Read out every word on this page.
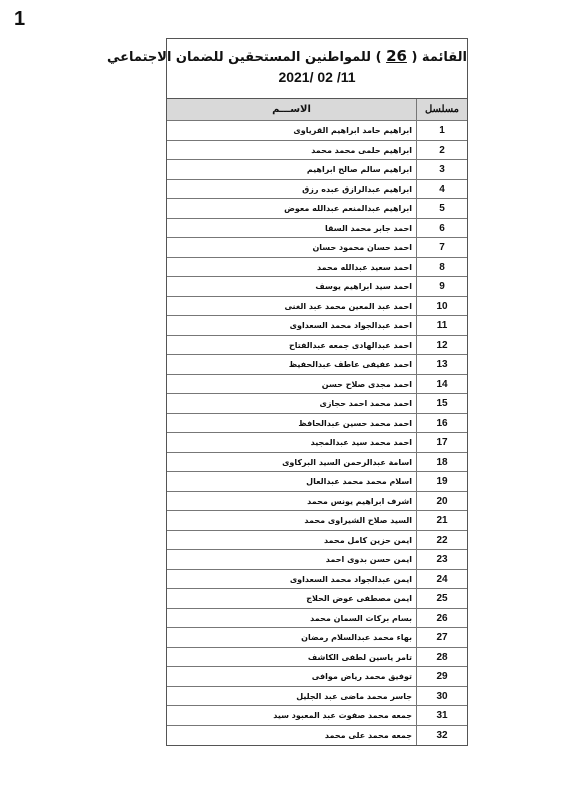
1
القائمة ( 26 ) للمواطنين المستحقين للضمان الاجتماعي
2021/ 02 /11
مسلسل
الاســـم
1
ابراهيم حامد ابراهيم القرياوى
2
ابراهيم حلمى محمد محمد
3
ابراهيم سالم صالح ابراهيم
4
ابراهيم عبدالرازق عبده رزق
5
ابراهيم عبدالمنعم عبدالله معوض
6
احمد جابر محمد السقا
7
احمد حسان محمود حسان
8
احمد سعيد عبدالله محمد
9
احمد سيد ابراهيم يوسف
10
احمد عبد المعين محمد عبد الغنى
11
احمد عبدالجواد محمد السعداوى
12
احمد عبدالهادى جمعه عبدالفتاح
13
احمد عفيفى عاطف عبدالحفيظ
14
احمد مجدى صلاح حسن
15
احمد محمد احمد حجازى
16
احمد محمد حسين عبدالحافظ
17
احمد محمد سيد عبدالمجيد
18
اسامة عبدالرحمن السيد البركاوى
19
اسلام محمد محمد عبدالعال
20
اشرف ابراهيم يونس محمد
21
السيد صلاح الشيراوى محمد
22
ايمن حزين كامل محمد
23
ايمن حسن بدوى احمد
24
ايمن عبدالجواد محمد السعداوى
25
ايمن مصطفى عوض الحلاج
26
بسام بركات السمان محمد
27
بهاء محمد عبدالسلام رمضان
28
تامر ياسين لطفى الكاشف
29
توفيق محمد رياض موافى
30
جاسر محمد ماضى عبد الجليل
31
جمعه محمد صفوت عبد المعبود سيد
32
جمعه محمد على محمد
